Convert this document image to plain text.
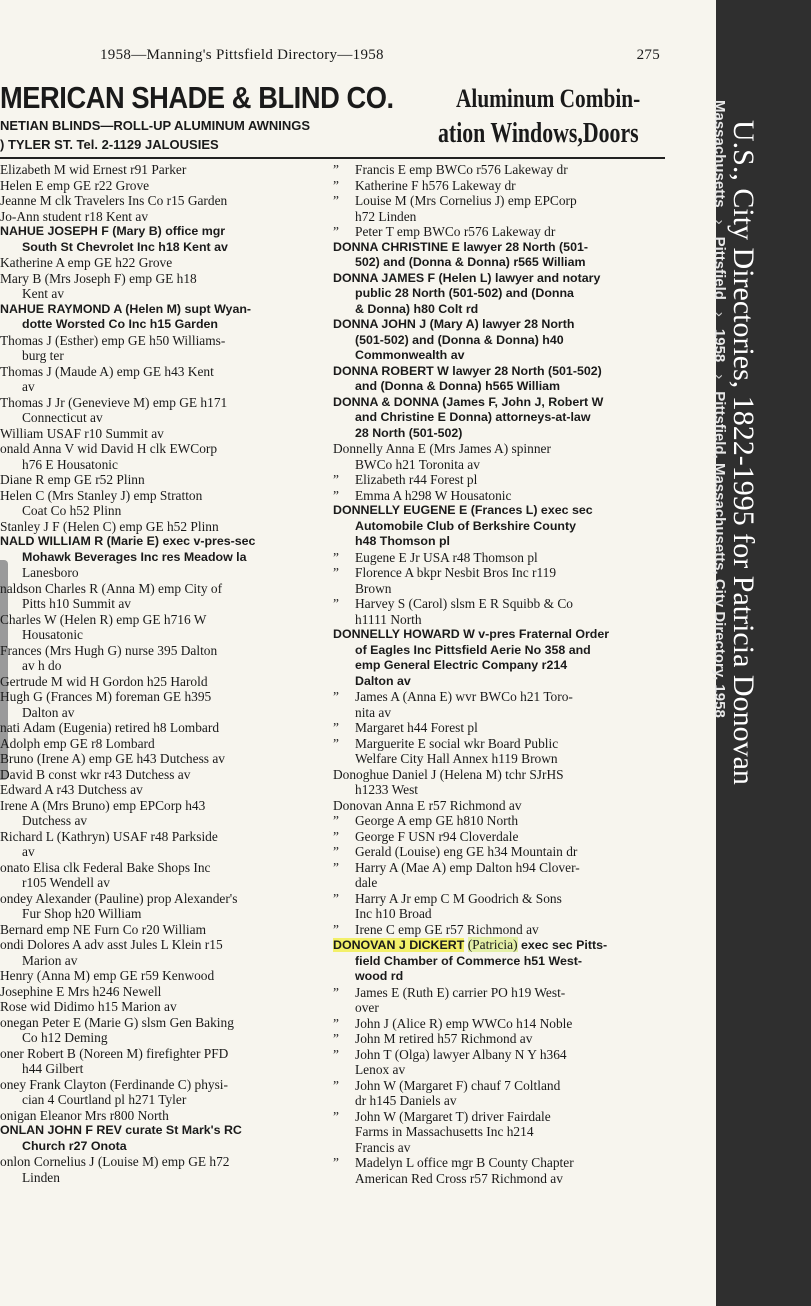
1958—Manning's Pittsfield Directory—1958	275
MERICAN SHADE & BLIND CO. Aluminum Combin-
NETIAN BLINDS—ROLL-UP ALUMINUM AWNINGS
) TYLER ST. Tel. 2-1129 JALOUSIES	ation Windows,Doors
Elizabeth M wid Ernest r91 Parker
Helen E emp GE r22 Grove
Jeanne M clk Travelers Ins Co r15 Garden
Jo-Ann student r18 Kent av
NAHUE JOSEPH F (Mary B) office mgr
South St Chevrolet Inc h18 Kent av
Katherine A emp GE h22 Grove
Mary B (Mrs Joseph F) emp GE h18
Kent av
NAHUE RAYMOND A (Helen M) supt Wyan-
dotte Worsted Co Inc h15 Garden
Thomas J (Esther) emp GE h50 Williams-
burg ter
Thomas J (Maude A) emp GE h43 Kent
av
Thomas J Jr (Genevieve M) emp GE h171
Connecticut av
William USAF r10 Summit av
onald Anna V wid David H clk EWCorp
h76 E Housatonic
Diane R emp GE r52 Plinn
Helen C (Mrs Stanley J) emp Stratton
Coat Co h52 Plinn
Stanley J F (Helen C) emp GE h52 Plinn
NALD WILLIAM R (Marie E) exec v-pres-sec
Mohawk Beverages Inc res Meadow la
Lanesboro
naldson Charles R (Anna M) emp City of
Pitts h10 Summit av
Charles W (Helen R) emp GE h716 W
Housatonic
Frances (Mrs Hugh G) nurse 395 Dalton
av h do
Gertrude M wid H Gordon h25 Harold
Hugh G (Frances M) foreman GE h395
Dalton av
nati Adam (Eugenia) retired h8 Lombard
Adolph emp GE r8 Lombard
Bruno (Irene A) emp GE h43 Dutchess av
David B const wkr r43 Dutchess av
Edward A r43 Dutchess av
Irene A (Mrs Bruno) emp EPCorp h43
Dutchess av
Richard L (Kathryn) USAF r48 Parkside
av
onato Elisa clk Federal Bake Shops Inc
r105 Wendell av
ondey Alexander (Pauline) prop Alexander's
Fur Shop h20 William
Bernard emp NE Furn Co r20 William
ondi Dolores A adv asst Jules L Klein r15
Marion av
Henry (Anna M) emp GE r59 Kenwood
Josephine E Mrs h246 Newell
Rose wid Didimo h15 Marion av
onegan Peter E (Marie G) slsm Gen Baking
Co h12 Deming
oner Robert B (Noreen M) firefighter PFD
h44 Gilbert
oney Frank Clayton (Ferdinande C) physi-
cian 4 Courtland pl h271 Tyler
onigan Eleanor Mrs r800 North
ONLAN JOHN F REV curate St Mark's RC
Church r27 Onota
onlon Cornelius J (Louise M) emp GE h72
Linden
” Francis E emp BWCo r576 Lakeway dr
” Katherine F h576 Lakeway dr
” Louise M (Mrs Cornelius J) emp EPCorp
h72 Linden
” Peter T emp BWCo r576 Lakeway dr
DONNA CHRISTINE E lawyer 28 North (501-
502) and (Donna & Donna) r565 William
DONNA JAMES F (Helen L) lawyer and notary
public 28 North (501-502) and (Donna
& Donna) h80 Colt rd
DONNA JOHN J (Mary A) lawyer 28 North
(501-502) and (Donna & Donna) h40
Commonwealth av
DONNA ROBERT W lawyer 28 North (501-502)
and (Donna & Donna) h565 William
DONNA & DONNA (James F, John J, Robert W
and Christine E Donna) attorneys-at-law
28 North (501-502)
Donnelly Anna E (Mrs James A) spinner
BWCo h21 Toronita av
” Elizabeth r44 Forest pl
” Emma A h298 W Housatonic
DONNELLY EUGENE E (Frances L) exec sec
Automobile Club of Berkshire County
h48 Thomson pl
” Eugene E Jr USA r48 Thomson pl
” Florence A bkpr Nesbit Bros Inc r119
Brown
” Harvey S (Carol) slsm E R Squibb & Co
h1111 North
DONNELLY HOWARD W v-pres Fraternal Order
of Eagles Inc Pittsfield Aerie No 358 and
emp General Electric Company r214
Dalton av
” James A (Anna E) wvr BWCo h21 Toro-
nita av
” Margaret h44 Forest pl
” Marguerite E social wkr Board Public
Welfare City Hall Annex h119 Brown
Donoghue Daniel J (Helena M) tchr SJrHS
h1233 West
Donovan Anna E r57 Richmond av
” George A emp GE h810 North
” George F USN r94 Cloverdale
” Gerald (Louise) eng GE h34 Mountain dr
” Harry A (Mae A) emp Dalton h94 Clover-
dale
” Harry A Jr emp C M Goodrich & Sons
Inc h10 Broad
” Irene C emp GE r57 Richmond av
DONOVAN J DICKERT (Patricia) exec sec Pitts-
field Chamber of Commerce h51 West-
wood rd
” James E (Ruth E) carrier PO h19 West-
over
” John J (Alice R) emp WWCo h14 Noble
” John M retired h57 Richmond av
” John T (Olga) lawyer Albany N Y h364
Lenox av
” John W (Margaret F) chauf 7 Coltland
dr h145 Daniels av
” John W (Margaret T) driver Fairdale
Farms in Massachusetts Inc h214
Francis av
” Madelyn L office mgr B County Chapter
American Red Cross r57 Richmond av
U.S., City Directories, 1822-1995 for Patricia Donovan
Massachusetts›Pittsfield›1958›Pittsfield, Massachusetts, City Directory, 1958
